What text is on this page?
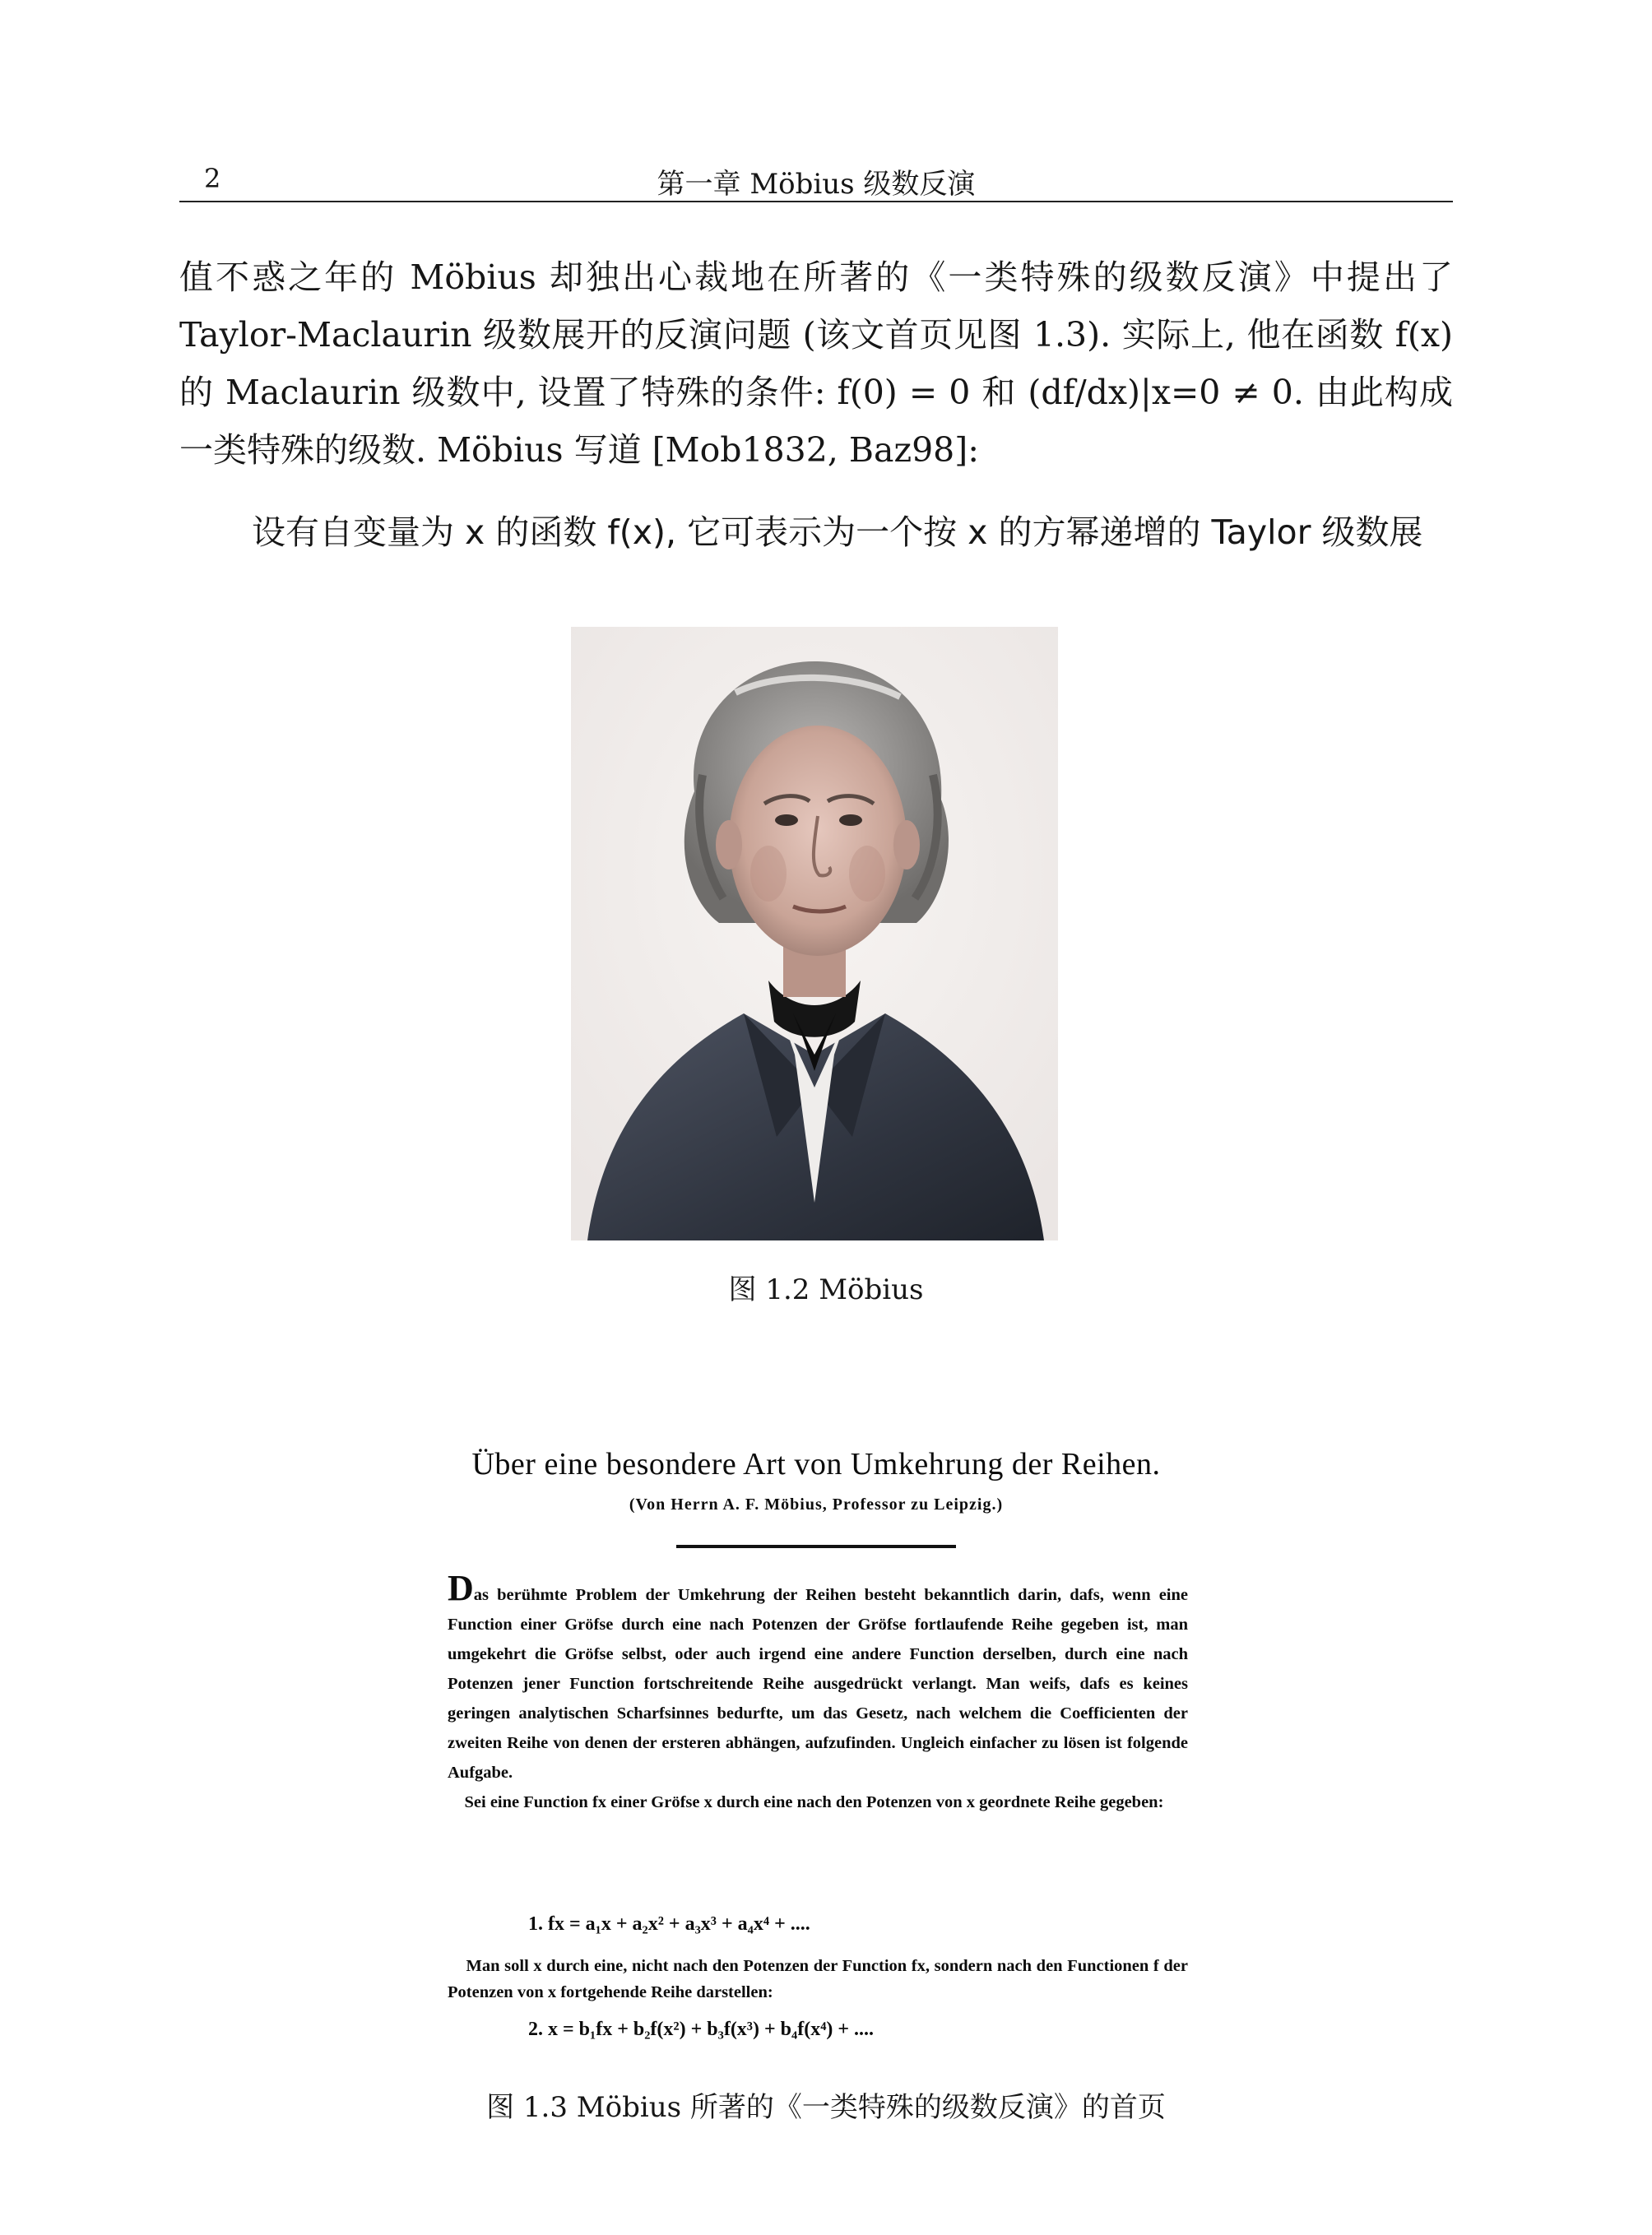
2	第一章 Möbius 级数反演
值不惑之年的 Möbius 却独出心裁地在所著的《一类特殊的级数反演》中提出了 Taylor-Maclaurin 级数展开的反演问题 (该文首页见图 1.3). 实际上, 他在函数 f(x) 的 Maclaurin 级数中, 设置了特殊的条件: f(0) = 0 和 (df/dx)|x=0 ≠ 0. 由此构成一类特殊的级数. Möbius 写道 [Mob1832, Baz98]:
设有自变量为 x 的函数 f(x), 它可表示为一个按 x 的方幂递增的 Taylor 级数展
图 1.2 Möbius
Über eine besondere Art von Umkehrung der Reihen.
(Von Herrn A. F. Möbius, Professor zu Leipzig.)
Das berühmte Problem der Umkehrung der Reihen besteht bekanntlich darin, dafs, wenn eine Function einer Gröfse durch eine nach Potenzen der Gröfse fortlaufende Reihe gegeben ist, man umgekehrt die Gröfse selbst, oder auch irgend eine andere Function derselben, durch eine nach Potenzen jener Function fortschreitende Reihe ausgedrückt verlangt. Man weifs, dafs es keines geringen analytischen Scharfsinnes bedurfte, um das Gesetz, nach welchem die Coefficienten der zweiten Reihe von denen der ersteren abhängen, aufzufinden. Ungleich einfacher zu lösen ist folgende Aufgabe.
Sei eine Function fx einer Gröfse x durch eine nach den Potenzen von x geordnete Reihe gegeben:
1. fx = a₁x + a₂x² + a₃x³ + a₄x⁴ + ....
Man soll x durch eine, nicht nach den Potenzen der Function fx, sondern nach den Functionen f der Potenzen von x fortgehende Reihe darstellen:
2. x = b₁fx + b₂f(x²) + b₃f(x³) + b₄f(x⁴) + ....
图 1.3 Möbius 所著的《一类特殊的级数反演》的首页
